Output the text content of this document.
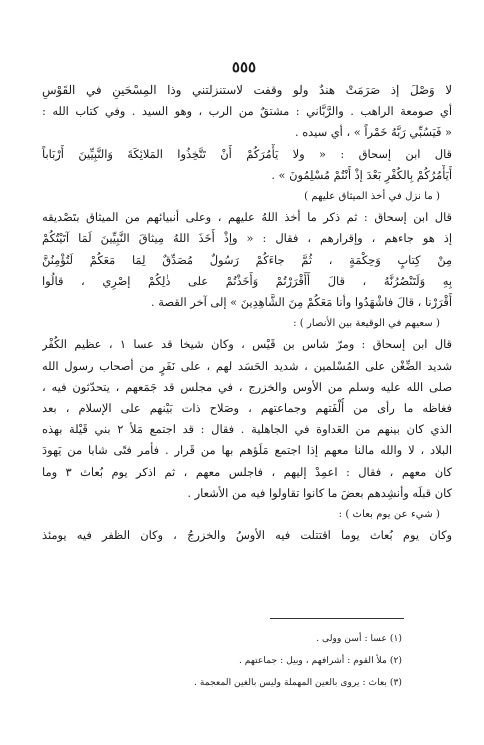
٥٥٥
لا وَصْلَ إذ صَرَمَتْ هندٌ ولو وقفت لاستنزلتني وذا المِسْحَينِ في القَوْسِ
أي صومعة الراهب . والرَّبَّاني : مشتقٌ من الرب ، وهو السيد . وفي كتاب الله :
« فَيَسُبِّي رَبَّهُ خَمْراً » ، أي سيده .
قال ابن إسحاق : « ولا يَأْمُرَكُمْ أَنْ تَتَّخِذُوا المَلائِكَةَ وَالنَّبِيِّينَ أَرْبَاباً
أَيَأْمُرُكُمْ بِالكُفْرِ بَعْدَ إذْ أَنْتُمْ مُسْلِمُونَ » .
( ما نزل في أخذ الميثاق عليهم )
قال ابن إسحاق : ثم ذكر ما أخذ اللهُ عليهم ، وعلى أنبيائهم من الميثاق بتَصْديقه
إذ هو جاءهم ، وإقرارهم ، فقال : « وإذْ أَخَذَ اللهُ مِيثاقَ النَّبِيِّينَ لَمَا آتَيْتُكُمْ
مِنْ كِتابٍ وَحِكْمَةٍ ، ثُمَّ جاءَكُمْ رَسُولٌ مُصَدِّقٌ لِمَا مَعَكُمْ لَتُؤْمِنُنَّ
بِهِ وَلَتَنْصُرُنَّهُ ، قالَ أَأَقْرَرْتُمْ وَأَخَذْتُمْ على ذٰلِكُمْ إصْرِي ، قالُوا
أَقْرَرْنا ، قالَ فاشْهَدُوا وأنا مَعَكُمْ مِنَ الشَّاهِدِينَ » إلى آخر القصة .
( سعيهم في الوقيعة بين الأنصار ) :
قال ابن إسحاق : ومرّ شاس بن قَيْس ، وكان شيخا قد عسا ١ ، عظيم الكُفْر
شديد الضِّغْن على المُسْلمين ، شديد الحَسَد لهم ، على نَفَرٍ من أصحاب رسول الله
صلى الله عليه وسلم من الأوس والخزرج ، في مجلس قد جَمَعهم ، يتحدّثون فيه ،
فغاظه ما رأى من أُلْفَتهم وجماعتهم ، وصَلاح ذات بَيْنهم على الإسلام ، بعد
الذي كان بينهم من العَداوة في الجاهلية . فقال : قد اجتمع مَلأ ٢ بني قَيْلة بهذه
البلاد ، لا والله مالنا معهم إذا اجتمع مَلَؤهم بها من قَرار . فأمر فتًى شابا من يَهودَ
كان معهم ، فقال : اعمِدْ إليهم ، فاجلس معهم ، ثم اذكر يوم بُعاث ٣ وما
كان قبلَه وأنشِدهم بعضَ ما كانوا تقاولوا فيه من الأشعار .
( شيء عن يوم بعاث ) :
وكان يوم بُعاث يوما اقتتلت فيه الأوسُ والخزرجُ ، وكان الظفر فيه يومئذ
(١) عسا : أسن وولى .
(٢) ملأ القوم : أشرافهم ، وبيل : جماعتهم .
(٣) بعاث : يروى بالعين المهملة وليس بالغين المعجمة .
